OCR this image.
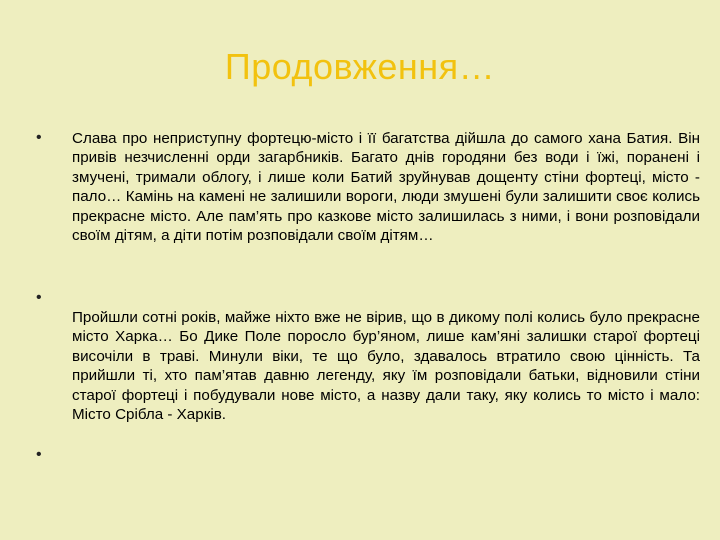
Продовження…
•	Слава про неприступну фортецю-місто і її багатства дійшла до самого хана Батия. Він привів незчисленні орди загарбників. Багато днів городяни без води і їжі, поранені і змучені, тримали облогу, і лише коли Батий зруйнував дощенту стіни фортеці, місто - пало… Камінь на камені не залишили вороги, люди змушені були залишити своє колись прекрасне місто. Але пам’ять про казкове місто залишилась з ними, і вони розповідали своїм дітям, а діти потім розповідали своїм дітям…
•
Пройшли сотні років, майже ніхто вже не вірив, що в дикому полі колись було прекрасне місто Харка… Бо Дике Поле поросло бур’яном, лише кам’яні залишки старої фортеці височіли в траві. Минули віки, те що було, здавалось втратило свою цінність. Та прийшли ті, хто пам’ятав давню легенду, яку їм розповідали батьки, відновили стіни старої фортеці і побудували нове місто, а назву дали таку, яку колись то місто і мало: Місто Срібла - Харків.
•
